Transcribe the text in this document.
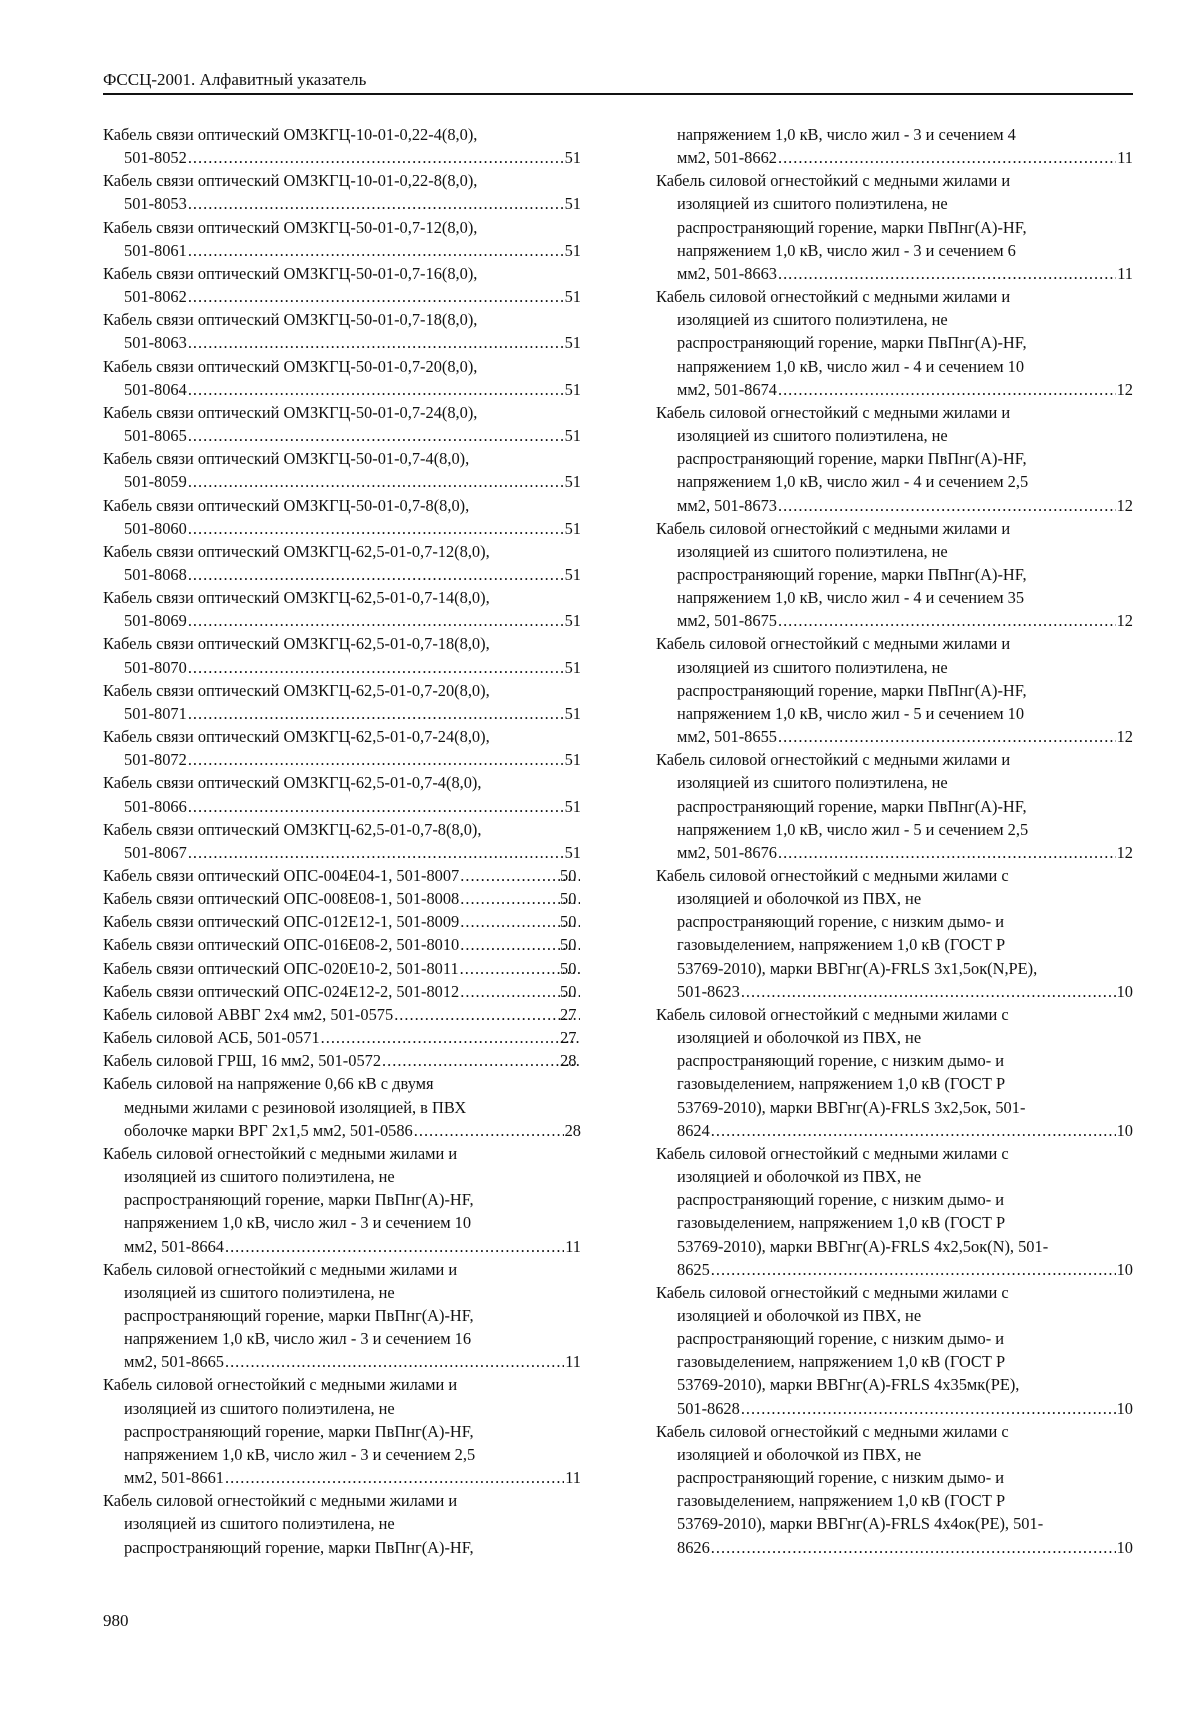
ФССЦ-2001. Алфавитный указатель
Кабель связи оптический ОМЗКГЦ-10-01-0,22-4(8,0),
501-8052 .....	51
Кабель связи оптический ОМЗКГЦ-10-01-0,22-8(8,0),
501-8053 .....	51
Кабель связи оптический ОМЗКГЦ-50-01-0,7-12(8,0),
501-8061 .....	51
Кабель связи оптический ОМЗКГЦ-50-01-0,7-16(8,0),
501-8062 .....	51
Кабель связи оптический ОМЗКГЦ-50-01-0,7-18(8,0),
501-8063 .....	51
Кабель связи оптический ОМЗКГЦ-50-01-0,7-20(8,0),
501-8064 .....	51
Кабель связи оптический ОМЗКГЦ-50-01-0,7-24(8,0),
501-8065 .....	51
Кабель связи оптический ОМЗКГЦ-50-01-0,7-4(8,0),
501-8059 .....	51
Кабель связи оптический ОМЗКГЦ-50-01-0,7-8(8,0),
501-8060 .....	51
Кабель связи оптический ОМЗКГЦ-62,5-01-0,7-12(8,0),
501-8068 .....	51
Кабель связи оптический ОМЗКГЦ-62,5-01-0,7-14(8,0),
501-8069 .....	51
Кабель связи оптический ОМЗКГЦ-62,5-01-0,7-18(8,0),
501-8070 .....	51
Кабель связи оптический ОМЗКГЦ-62,5-01-0,7-20(8,0),
501-8071 .....	51
Кабель связи оптический ОМЗКГЦ-62,5-01-0,7-24(8,0),
501-8072 .....	51
Кабель связи оптический ОМЗКГЦ-62,5-01-0,7-4(8,0),
501-8066 .....	51
Кабель связи оптический ОМЗКГЦ-62,5-01-0,7-8(8,0),
501-8067 .....	51
Кабель связи оптический ОПС-004Е04-1, 501-8007 .....	50
Кабель связи оптический ОПС-008Е08-1, 501-8008 .....	50
Кабель связи оптический ОПС-012Е12-1, 501-8009 .....	50
Кабель связи оптический ОПС-016Е08-2, 501-8010 .....	50
Кабель связи оптический ОПС-020Е10-2, 501-8011 .....	50
Кабель связи оптический ОПС-024Е12-2, 501-8012 .....	50
Кабель силовой АВВГ 2х4 мм2, 501-0575 .....	27
Кабель силовой АСБ, 501-0571 .....	27
Кабель силовой ГРШ, 16 мм2, 501-0572 .....	28
Кабель силовой на напряжение 0,66 кВ с двумя
медными жилами с резиновой изоляцией, в ПВХ
оболочке марки ВРГ 2х1,5 мм2, 501-0586 .....	28
Кабель силовой огнестойкий с медными жилами и
изоляцией из сшитого полиэтилена, не
распространяющий горение, марки ПвПнг(А)-HF,
напряжением 1,0 кВ, число жил - 3 и сечением 10
мм2, 501-8664 .....	11
Кабель силовой огнестойкий с медными жилами и
изоляцией из сшитого полиэтилена, не
распространяющий горение, марки ПвПнг(А)-HF,
напряжением 1,0 кВ, число жил - 3 и сечением 16
мм2, 501-8665 .....	11
Кабель силовой огнестойкий с медными жилами и
изоляцией из сшитого полиэтилена, не
распространяющий горение, марки ПвПнг(А)-HF,
напряжением 1,0 кВ, число жил - 3 и сечением 2,5
мм2, 501-8661 .....	11
Кабель силовой огнестойкий с медными жилами и
изоляцией из сшитого полиэтилена, не
распространяющий горение, марки ПвПнг(А)-HF,
напряжением 1,0 кВ, число жил - 3 и сечением 4
мм2, 501-8662 .....	11
Кабель силовой огнестойкий с медными жилами и
изоляцией из сшитого полиэтилена, не
распространяющий горение, марки ПвПнг(А)-HF,
напряжением 1,0 кВ, число жил - 3 и сечением 6
мм2, 501-8663 .....	11
Кабель силовой огнестойкий с медными жилами и
изоляцией из сшитого полиэтилена, не
распространяющий горение, марки ПвПнг(А)-HF,
напряжением 1,0 кВ, число жил - 4 и сечением 10
мм2, 501-8674 .....	12
Кабель силовой огнестойкий с медными жилами и
изоляцией из сшитого полиэтилена, не
распространяющий горение, марки ПвПнг(А)-HF,
напряжением 1,0 кВ, число жил - 4 и сечением 2,5
мм2, 501-8673 .....	12
Кабель силовой огнестойкий с медными жилами и
изоляцией из сшитого полиэтилена, не
распространяющий горение, марки ПвПнг(А)-HF,
напряжением 1,0 кВ, число жил - 4 и сечением 35
мм2, 501-8675 .....	12
Кабель силовой огнестойкий с медными жилами и
изоляцией из сшитого полиэтилена, не
распространяющий горение, марки ПвПнг(А)-HF,
напряжением 1,0 кВ, число жил - 5 и сечением 10
мм2, 501-8655 .....	12
Кабель силовой огнестойкий с медными жилами и
изоляцией из сшитого полиэтилена, не
распространяющий горение, марки ПвПнг(А)-HF,
напряжением 1,0 кВ, число жил - 5 и сечением 2,5
мм2, 501-8676 .....	12
Кабель силовой огнестойкий с медными жилами с
изоляцией и оболочкой из ПВХ, не
распространяющий горение, с низким дымо- и
газовыделением, напряжением 1,0 кВ (ГОСТ Р
53769-2010), марки ВВГнг(А)-FRLS 3х1,5ок(N,PE),
501-8623 .....	10
Кабель силовой огнестойкий с медными жилами с
изоляцией и оболочкой из ПВХ, не
распространяющий горение, с низким дымо- и
газовыделением, напряжением 1,0 кВ (ГОСТ Р
53769-2010), марки ВВГнг(А)-FRLS 3х2,5ок, 501-
8624 .....	10
Кабель силовой огнестойкий с медными жилами с
изоляцией и оболочкой из ПВХ, не
распространяющий горение, с низким дымо- и
газовыделением, напряжением 1,0 кВ (ГОСТ Р
53769-2010), марки ВВГнг(А)-FRLS 4х2,5ок(N), 501-
8625 .....	10
Кабель силовой огнестойкий с медными жилами с
изоляцией и оболочкой из ПВХ, не
распространяющий горение, с низким дымо- и
газовыделением, напряжением 1,0 кВ (ГОСТ Р
53769-2010), марки ВВГнг(А)-FRLS 4х35мк(PE),
501-8628 .....	10
Кабель силовой огнестойкий с медными жилами с
изоляцией и оболочкой из ПВХ, не
распространяющий горение, с низким дымо- и
газовыделением, напряжением 1,0 кВ (ГОСТ Р
53769-2010), марки ВВГнг(А)-FRLS 4х4ок(PE), 501-
8626 .....	10
980
